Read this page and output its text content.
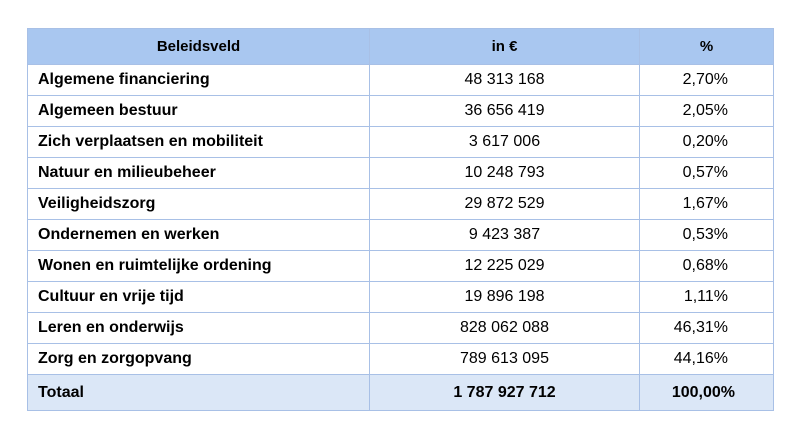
Beleidsveld	in €	%
Algemene financiering	48 313 168	2,70%
Algemeen bestuur	36 656 419	2,05%
Zich verplaatsen en mobiliteit	3 617 006	0,20%
Natuur en milieubeheer	10 248 793	0,57%
Veiligheidszorg	29 872 529	1,67%
Ondernemen en werken	9 423 387	0,53%
Wonen en ruimtelijke ordening	12 225 029	0,68%
Cultuur en vrije tijd	19 896 198	1,11%
Leren en onderwijs	828 062 088	46,31%
Zorg en zorgopvang	789 613 095	44,16%
Totaal	1 787 927 712	100,00%
